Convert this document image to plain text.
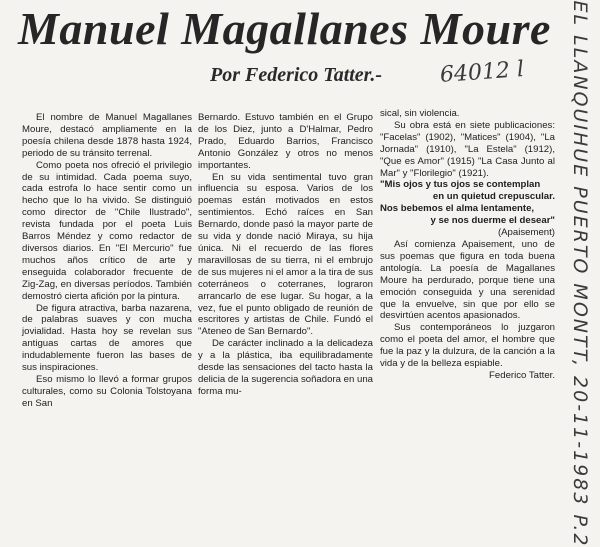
Manuel Magallanes Moure
Por Federico Tatter.-	64012 l

El nombre de Manuel Magallanes Moure, destacó ampliamente en la poesía chilena desde 1878 hasta 1924, periodo de su tránsito terrenal.

Como poeta nos ofreció el privilegio de su intimidad. Cada poema suyo, cada estrofa lo hace sentir como un hecho que lo ha vivido. Se distinguió como director de "Chile Ilustrado", revista fundada por el poeta Luis Barros Méndez y como redactor de diversos diarios. En "El Mercurio" fue muchos años crítico de arte y enseguida colaborador frecuente de Zig-Zag, en diversas períodos. También demostró cierta afición por la pintura.

De figura atractiva, barba nazarena, de palabras suaves y con mucha jovialidad. Hasta hoy se revelan sus antiguas cartas de amores que indudablemente fueron las bases de sus inspiraciones.

Eso mismo lo llevó a formar grupos culturales, como su Colonia Tolstoyana en San

Bernardo. Estuvo también en el Grupo de los Diez, junto a D'Halmar, Pedro Prado, Eduardo Barrios, Francisco Antonio González y otros no menos importantes.

En su vida sentimental tuvo gran influencia su esposa. Varios de los poemas están motivados en estos sentimientos. Echó raíces en San Bernardo, donde pasó la mayor parte de su vida y donde nació Miraya, su hija única. Ni el recuerdo de las flores maravillosas de su tierra, ni el embrujo de sus mujeres ni el amor a la tira de sus coterráneos o coterranes, lograron arrancarlo de ese lugar. Su hogar, a la vez, fue el punto obligado de reunión de escritores y artistas de Chile. Fundó el "Ateneo de San Bernardo".

De carácter inclinado a la delicadeza y a la plástica, iba equilibradamente desde las sensaciones del tacto hasta la delicia de la sugerencia soñadora en una forma mu-

sical, sin violencia.

Su obra está en siete publicaciones: "Facelas" (1902), "Matices" (1904), "La Jornada" (1910), "La Estela" (1912), "Que es Amor" (1915) "La Casa Junto al Mar" y "Florilegio" (1921).

"Mis ojos y tus ojos se contemplan
en un quietud crepuscular.
Nos bebemos el alma lentamente,
y se nos duerme el desear"
(Apaisement)

Así comienza Apaisement, uno de sus poemas que figura en toda buena antología. La poesía de Magallanes Moure ha perdurado, porque tiene una emoción conseguida y una serenidad que la envuelve, sin que por ello se desvirtúen acentos apasionados.

Sus contemporáneos lo juzgaron como el poeta del amor, el hombre que fue la paz y la dulzura, de la canción a la vida y de la belleza espiable.

Federico Tatter. EL LLANQUIHUE PUERTO MONTT, 20-11-1983 P.2
